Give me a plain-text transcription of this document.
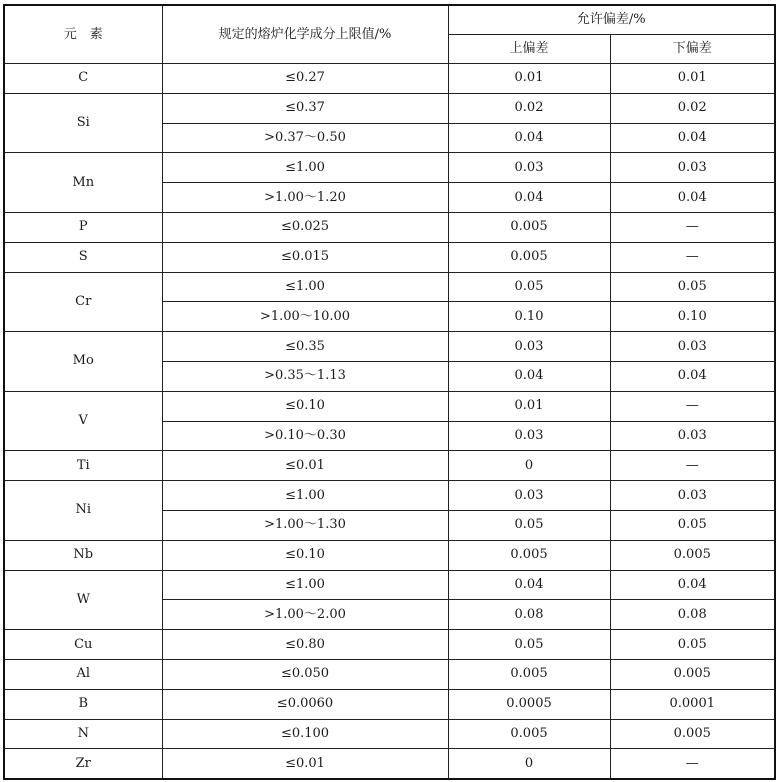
元　素	规定的熔炉化学成分上限值/%	允许偏差/%	
		上偏差	下偏差
C	≤0.27	0.01	0.01
Si	≤0.37	0.02	0.02
	>0.37～0.50	0.04	0.04
Mn	≤1.00	0.03	0.03
	>1.00～1.20	0.04	0.04
P	≤0.025	0.005	—
S	≤0.015	0.005	—
Cr	≤1.00	0.05	0.05
	>1.00～10.00	0.10	0.10
Mo	≤0.35	0.03	0.03
	>0.35～1.13	0.04	0.04
V	≤0.10	0.01	—
	>0.10～0.30	0.03	0.03
Ti	≤0.01	0	—
Ni	≤1.00	0.03	0.03
	>1.00～1.30	0.05	0.05
Nb	≤0.10	0.005	0.005
W	≤1.00	0.04	0.04
	>1.00～2.00	0.08	0.08
Cu	≤0.80	0.05	0.05
Al	≤0.050	0.005	0.005
B	≤0.0060	0.0005	0.0001
N	≤0.100	0.005	0.005
Zr	≤0.01	0	—
